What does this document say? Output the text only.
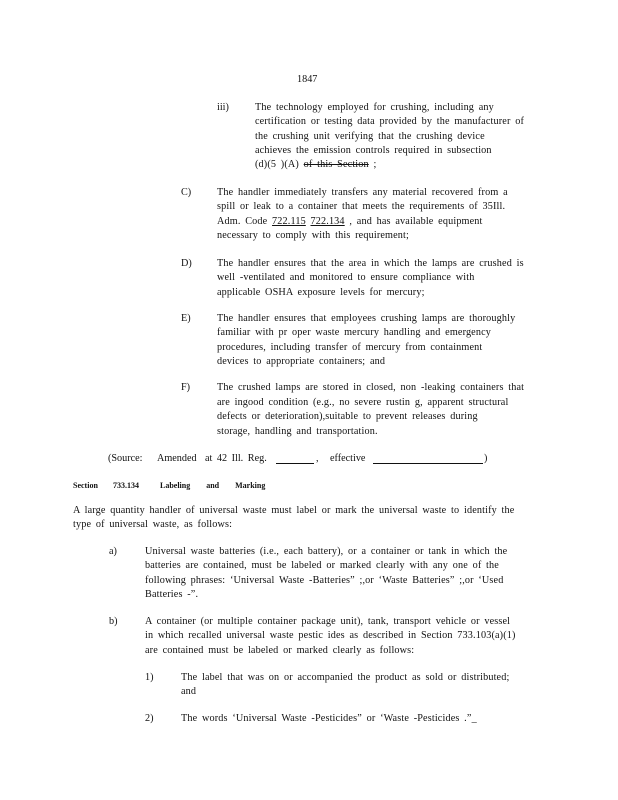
1847
iii)	The technology employed for crushing, including any
certification or testing data provided by the manufacturer of
the crushing unit verifying that the crushing device
achieves the emission controls required in subsection
(d)(5 )(A) of this Section ;
C)	The handler immediately transfers any material recovered from a
spill or leak to a container that meets the requirements of 35Ill.
Adm. Code 722.115 722.134 , and has available equipment
necessary to comply with this requirement;
D) The handler ensures that the area in which the lamps are crushed is
well -ventilated and monitored to ensure compliance with
applicable OSHA exposure levels for mercury;
E)	The handler ensures that employees crushing lamps are thoroughly
familiar with pr oper waste mercury handling and emergency
procedures, including transfer of mercury from containment
devices to appropriate containers; and
F)	The crushed lamps are stored in closed, non -leaking containers that
are ingood condition (e.g., no severe rustin g, apparent structural
defects or deterioration),suitable to prevent releases during
storage, handling and transportation.
(Source: Amended at 42 Ill. Reg.	, effective	)
Section 733.134	Labeling and Marking
A large quantity handler of universal waste must label or mark the universal waste to identify the
type of universal waste, as follows:
a)	Universal waste batteries (i.e., each battery), or a container or tank in which the
batteries are contained, must be labeled or marked clearly with any one of the
following phrases: ‘Universal Waste -Batteries” ;,or ‘Waste Batteries” ;,or ‘Used
Batteries -”.
b)	A container (or multiple container package unit), tank, transport vehicle or vessel
in which recalled universal waste pestic ides as described in Section 733.103(a)(1)
are contained must be labeled or marked clearly as follows:
1)	The label that was on or accompanied the product as sold or distributed;
and
2)	The words ‘Universal Waste -Pesticides” or ‘Waste -Pesticides .”_
